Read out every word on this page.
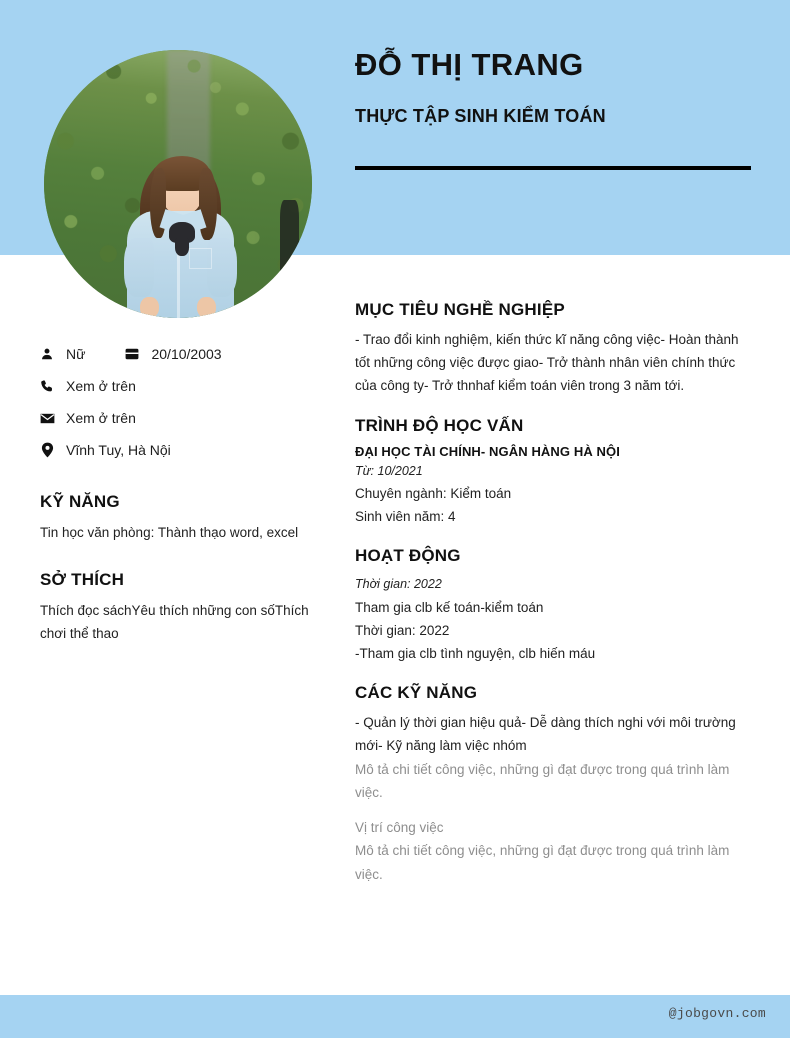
ĐỖ THỊ TRANG
THỰC TẬP SINH KIỂM TOÁN
Nữ	20/10/2003
Xem ở trên
Xem ở trên
Vĩnh Tuy, Hà Nội
KỸ NĂNG

Tin học văn phòng: Thành thạo word, excel

SỞ THÍCH

Thích đọc sáchYêu thích những con sốThích chơi thể thao

MỤC TIÊU NGHỀ NGHIỆP

- Trao đổi kinh nghiệm, kiến thức kĩ năng công việc- Hoàn thành tốt những công việc được giao- Trở thành nhân viên chính thức của công ty- Trở thnhaf kiểm toán viên trong 3 năm tới.

TRÌNH ĐỘ HỌC VẤN
ĐẠI HỌC TÀI CHÍNH- NGÂN HÀNG HÀ NỘI

Từ: 10/2021

Chuyên ngành: Kiểm toán

Sinh viên năm: 4

HOẠT ĐỘNG

Thời gian: 2022

Tham gia clb kế toán-kiểm toán

Thời gian: 2022

-Tham gia clb tình nguyện, clb hiến máu

CÁC KỸ NĂNG

- Quản lý thời gian hiệu quả- Dễ dàng thích nghi với môi trường mới- Kỹ năng làm việc nhóm

Mô tả chi tiết công việc, những gì đạt được trong quá trình làm việc.

Vị trí công việc

Mô tả chi tiết công việc, những gì đạt được trong quá trình làm việc.

@jobgovn.com
